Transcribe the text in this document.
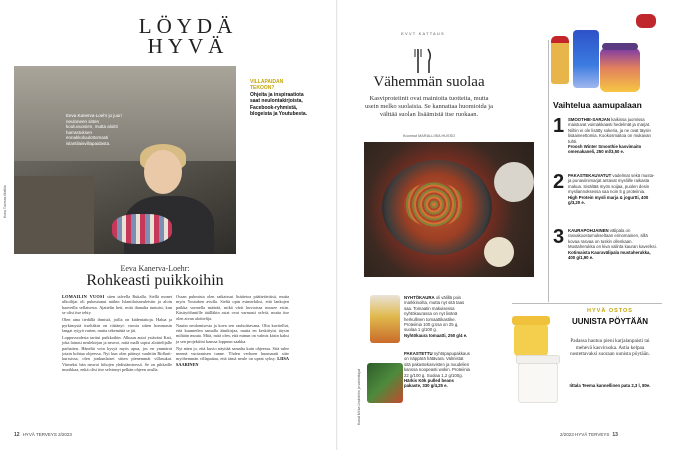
LÖYDÄ HYVÄ
Eeva Kanerva-Loehr jo juuri neuloneen sitten kouluvuosien, mutta aloitti harrastuksen ennakkoluulottomasti islantilaisvillapaidasta.
Kuva Tuomas Mattila
VILLAPAIDAN TEKOON?
Ohjeita ja inspiraatiota saat neulontakirjoista, Facebook-ryhmistä, blogeista ja Youtubesta.
Eeva Kanerva-Loehr:
Rohkeasti puikkoihin

LOMAILIN VUOSI siten talvella Rukalla. Siellä monet ulkoilijat oli pukeutunut näihin Islantilaisneuleisiin ja aloin haaveilla sellaisesta. Ajattelin heti, mitä ihanalta tuntuisi, kun se olisi itse tehty.

Olen aina tiedällä ihmisiä, joilla on kädentaitoja. Halua ja pyrkimystä itseltäkin on riittänyt: vuosia sitten hommasin langat ryijyä varten, mutta tekemättä se jäi.

Loppuvuodesta tarttui puikkoihin. Alkuun autoi ystäväni Kati, joka lainasi neulekirjan ja neuvoi, mitä malli sopisi aloittelijalle parhaiten. Häneltä voin kysyä myös apua, jos en ymmärrä jotain kohtaa ohjeessa. Nyt kun olen päässyt vauhtiin Ridlarit-kurssissa, olen jonkunlaiset sitten pienemmät villasukat. Viimeksi hän neuvoi hihojen yhdistämisessä. Se on pikkaille murikkaa, enkä olisi itse selvinnyt pelkän ohjeen avulla.

Ossan puhmista olen ratkaissut lisätietoa päätietäväisä, mutta myös Youtuben avulla. Sieltä opin esimerkiksi, että lankojen paikka sormella määrää, mikä värit kuvioissa nousee esiin. Käsityöihmiille täälläkin asiat ovat varmasti selviä, mutta itse olen aivan aloittelija.

Nautin neulomisesta ja koen sen rauhoittavana. Olin kuvitellut, että kuumeilen samalla äänikirjaa, mutta en keskittyisi täysin miltään muuta. Mitä, mitä olen, että minun on valmis käsin kaksi ja sen projektiini kanssa loppuun saakka.

Nyt näen jo, että kuvio näyttää samalta kuin ohjeessa. Sitä tulee mennä vuotamisen tunne. Yhden verhoen huomautti sitte myöhemmän villapaitaa, että tämä neule on upeat syksy. LIISA SAARINEN

12 HYVÄ TERVEYS 2/2023
EVVT KATTAUS
Vähemmän suolaa
Kasviproteiinit ovat mainioita tuotteita, mutta usein melko suolaisia. Se kannattaa huomioida ja välttää suolan lisäämistä itse ruokaan.
Koonnut MARIA-LIISA HUSSO
Kuvat Mirka Lindström ja valmistajat
NYHTÖKAURA oli välillä pois markkinoilta, mutta nyt sitä taas saa. Tomaatin makuisessa nyhtökaurassa on nyt lisänä herkullinen tomaattikastike. Proteiinia 100 g:ssa on 25 g, suolaa 1 g/100 g.
Nyhtökaura tomaatti, 250 g/4 e.
PAKASTETTU nyhtöpapupakkaus on näppärä hätävara. Valmistat sitä pakastekasvisten ja nuudelien kanssa noopeasti wokin. Proteiinia 22 g/100 g. Suolaa 1,2 g/100g.
Härkis Kök pulled beans pakaste, 330 g/4,25 e.
Vaihtelua aamupalaan
1 SMOOTHIE-SARJAN kaikissa juomissa maistuvat voimakkaasti hedelmät ja marjat. Niihin ei ole lisätty sokeria, ja ne ovat täysin lisäaineettomia. Kookosmaitoa on mukavan tuhti.
Froosh Winter Smoothie kasvimaito omenakaneli, 250 ml/3,50 e.
2 PAKASTEKAUVATUT vadelmat sekä musta- ja punaviinimarjat antavat mysliille raikasta makua. Sisältää myös soijaa, puolen desin mysliannoksessa saa noin 5 g proteiinia.
High Protein mysli marja & jogurtti, 400 g/3,20 e.
3 KAURAPOHJAINEN välipala on rasvakoostumukseltaan erinomainen, sillä kovaa rasvaa on tuskin ollenkaan. Mustaherukka on kiva valinta kauran kaveriksi.
Kotimaista Kauravälipala mustaherukka, 400 g/1,90 e.
HYVÄ OSTOS
UUNISTA PÖYTÄÄN
Padassa hautuu pieni karjalanpaisti tai mehevä kasviruoka. Astia kelpaa nostettavaksi suoraan uunista pöytään.
Iittala Teema kannellinen pata 2,3 l, 80e.
2/2023 HYVÄ TERVEYS 13
